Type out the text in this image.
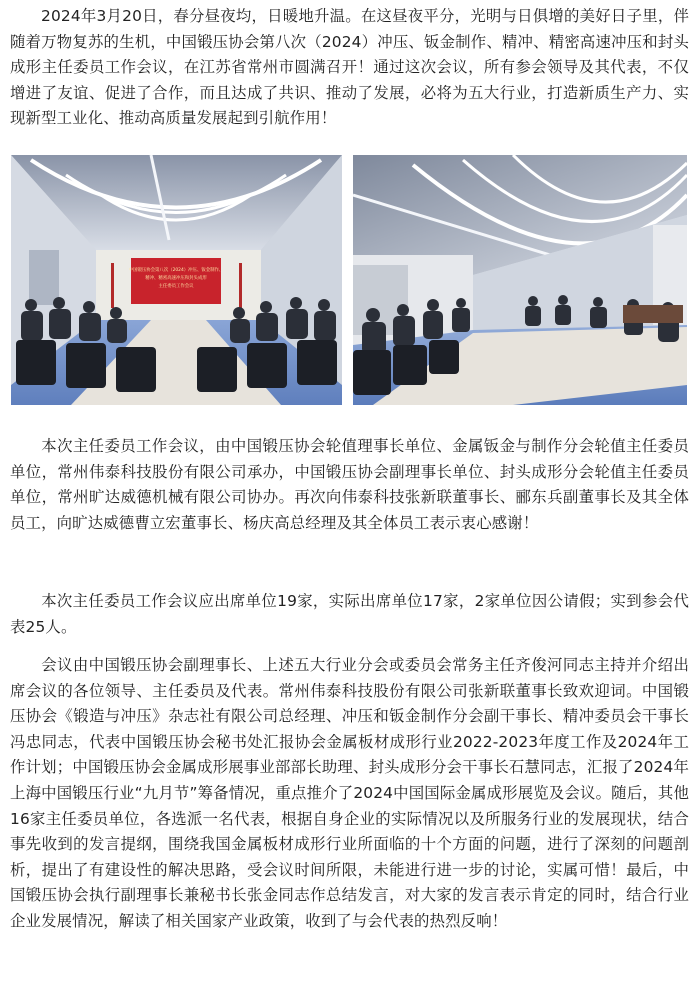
2024年3月20日，春分昼夜均，日暖地升温。在这昼夜平分，光明与日俱增的美好日子里，伴随着万物复苏的生机，中国锻压协会第八次（2024）冲压、钣金制作、精冲、精密高速冲压和封头成形主任委员工作会议，在江苏省常州市圆满召开！通过这次会议，所有参会领导及其代表，不仅增进了友谊、促进了合作，而且达成了共识、推动了发展，必将为五大行业，打造新质生产力、实现新型工业化、推动高质量发展起到引航作用！

中国锻压协会第八次（2024）冲压、钣金制作、
精冲、精密高速冲压和封头成形
主任委员工作会议

本次主任委员工作会议，由中国锻压协会轮值理事长单位、金属钣金与制作分会轮值主任委员单位，常州伟泰科技股份有限公司承办，中国锻压协会副理事长单位、封头成形分会轮值主任委员单位，常州旷达威德机械有限公司协办。再次向伟泰科技张新联董事长、郦东兵副董事长及其全体员工，向旷达威德曹立宏董事长、杨庆高总经理及其全体员工表示衷心感谢！

本次主任委员工作会议应出席单位19家，实际出席单位17家，2家单位因公请假；实到参会代表25人。

会议由中国锻压协会副理事长、上述五大行业分会或委员会常务主任齐俊河同志主持并介绍出席会议的各位领导、主任委员及代表。常州伟泰科技股份有限公司张新联董事长致欢迎词。中国锻压协会《锻造与冲压》杂志社有限公司总经理、冲压和钣金制作分会副干事长、精冲委员会干事长冯忠同志，代表中国锻压协会秘书处汇报协会金属板材成形行业2022-2023年度工作及2024年工作计划；中国锻压协会金属成形展事业部部长助理、封头成形分会干事长石慧同志，汇报了2024年上海中国锻压行业“九月节”筹备情况，重点推介了2024中国国际金属成形展览及会议。随后，其他16家主任委员单位，各选派一名代表，根据自身企业的实际情况以及所服务行业的发展现状，结合事先收到的发言提纲，围绕我国金属板材成形行业所面临的十个方面的问题，进行了深刻的问题剖析，提出了有建设性的解决思路，受会议时间所限，未能进行进一步的讨论，实属可惜！最后，中国锻压协会执行副理事长兼秘书长张金同志作总结发言，对大家的发言表示肯定的同时，结合行业企业发展情况，解读了相关国家产业政策，收到了与会代表的热烈反响！
